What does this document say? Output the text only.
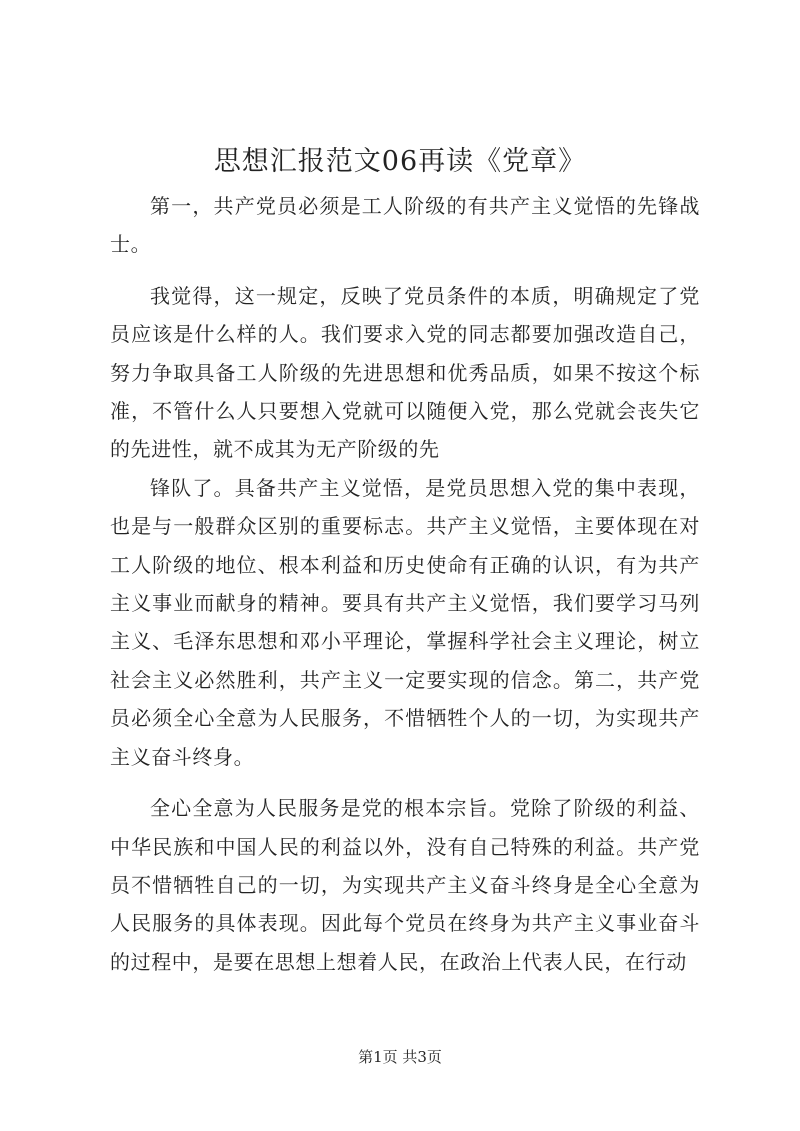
思想汇报范文06再读《党章》

第一，共产党员必须是工人阶级的有共产主义觉悟的先锋战士。

我觉得，这一规定，反映了党员条件的本质，明确规定了党员应该是什么样的人。我们要求入党的同志都要加强改造自己，努力争取具备工人阶级的先进思想和优秀品质，如果不按这个标准，不管什么人只要想入党就可以随便入党，那么党就会丧失它的先进性，就不成其为无产阶级的先

锋队了。具备共产主义觉悟，是党员思想入党的集中表现，也是与一般群众区别的重要标志。共产主义觉悟，主要体现在对工人阶级的地位、根本利益和历史使命有正确的认识，有为共产主义事业而献身的精神。要具有共产主义觉悟，我们要学习马列主义、毛泽东思想和邓小平理论，掌握科学社会主义理论，树立社会主义必然胜利，共产主义一定要实现的信念。第二，共产党员必须全心全意为人民服务，不惜牺牲个人的一切，为实现共产主义奋斗终身。

全心全意为人民服务是党的根本宗旨。党除了阶级的利益、中华民族和中国人民的利益以外，没有自己特殊的利益。共产党员不惜牺牲自己的一切，为实现共产主义奋斗终身是全心全意为人民服务的具体表现。因此每个党员在终身为共产主义事业奋斗的过程中，是要在思想上想着人民，在政治上代表人民，在行动

第1页 共3页
